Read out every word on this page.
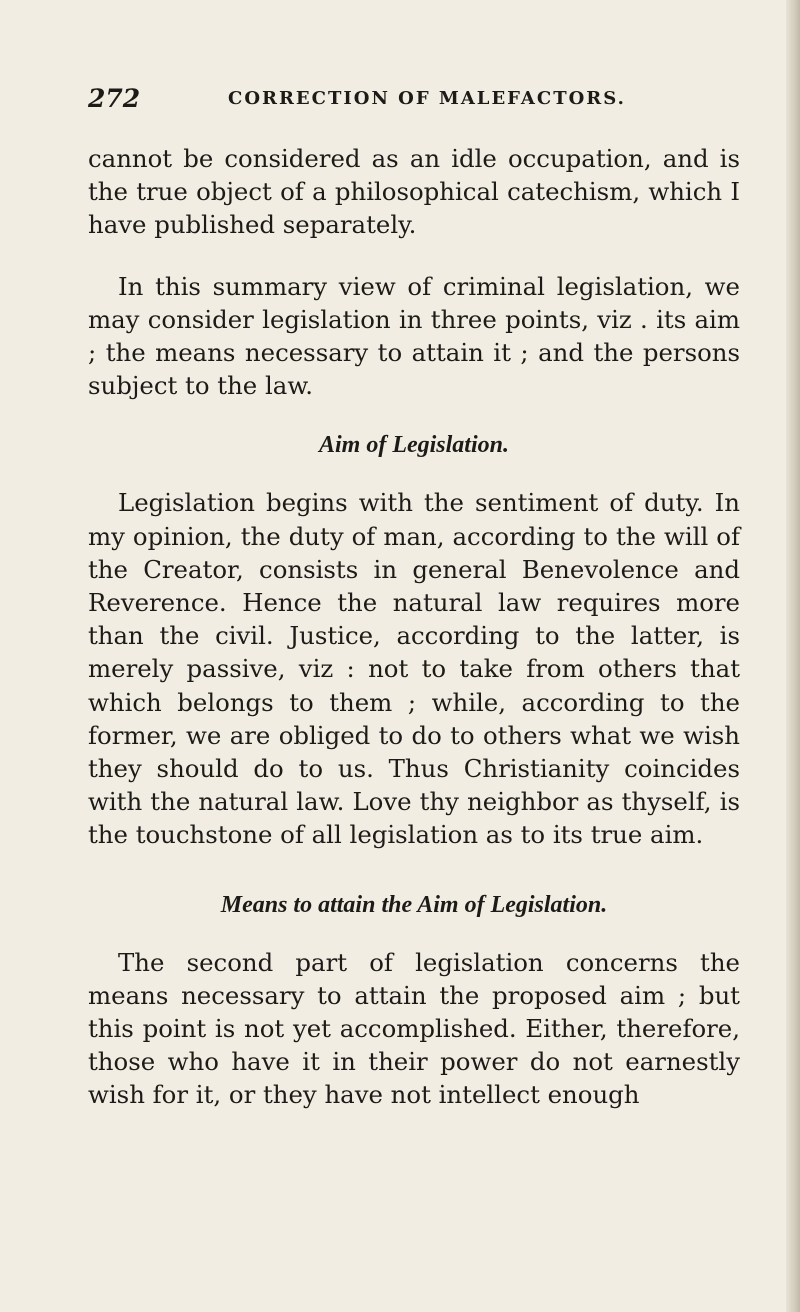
272	CORRECTION OF MALEFACTORS.

cannot be considered as an idle occupation, and is the true object of a philosophical catechism, which I have published separately.

In this summary view of criminal legislation, we may consider legislation in three points, viz . its aim ; the means necessary to attain it ; and the persons subject to the law.

Aim of Legislation.

Legislation begins with the sentiment of duty. In my opinion, the duty of man, according to the will of the Creator, consists in general Benevolence and Reverence. Hence the natural law requires more than the civil. Justice, according to the latter, is merely passive, viz : not to take from others that which belongs to them ; while, according to the former, we are obliged to do to others what we wish they should do to us. Thus Christianity coincides with the natural law. Love thy neighbor as thyself, is the touchstone of all legislation as to its true aim.

Means to attain the Aim of Legislation.

The second part of legislation concerns the means necessary to attain the proposed aim ; but this point is not yet accomplished. Either, therefore, those who have it in their power do not earnestly wish for it, or they have not intellect enough
